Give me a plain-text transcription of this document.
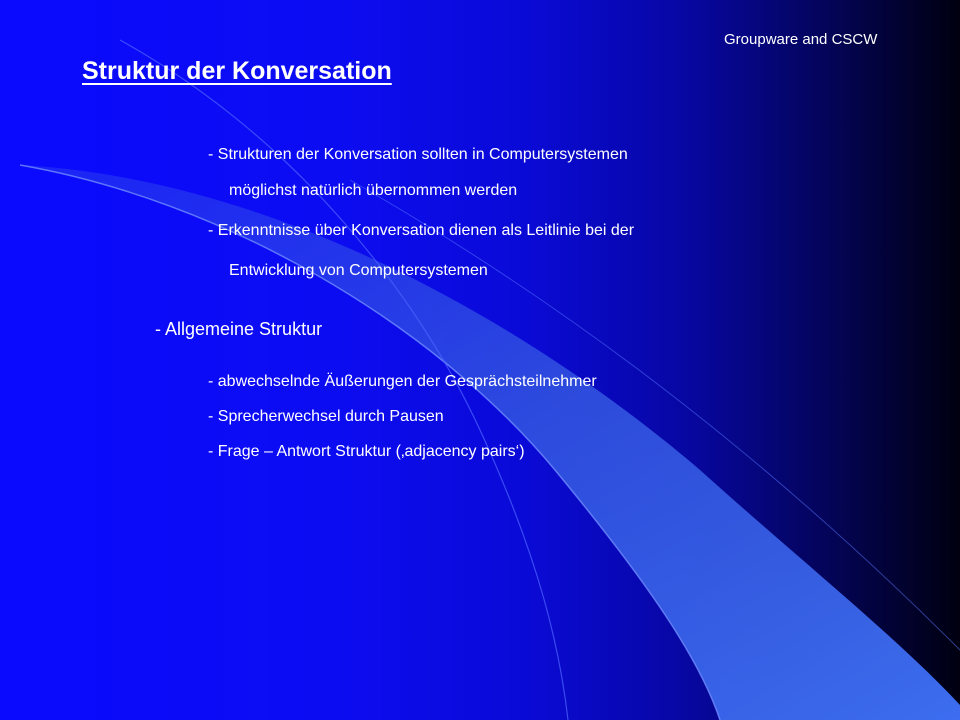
Groupware and CSCW
Struktur der Konversation
- Strukturen der Konversation sollten in Computersystemen
möglichst natürlich übernommen werden
- Erkenntnisse über Konversation dienen als Leitlinie bei der
Entwicklung von Computersystemen
- Allgemeine Struktur
- abwechselnde Äußerungen der Gesprächsteilnehmer
- Sprecherwechsel durch Pausen
- Frage – Antwort Struktur (‚adjacency pairs‘)
